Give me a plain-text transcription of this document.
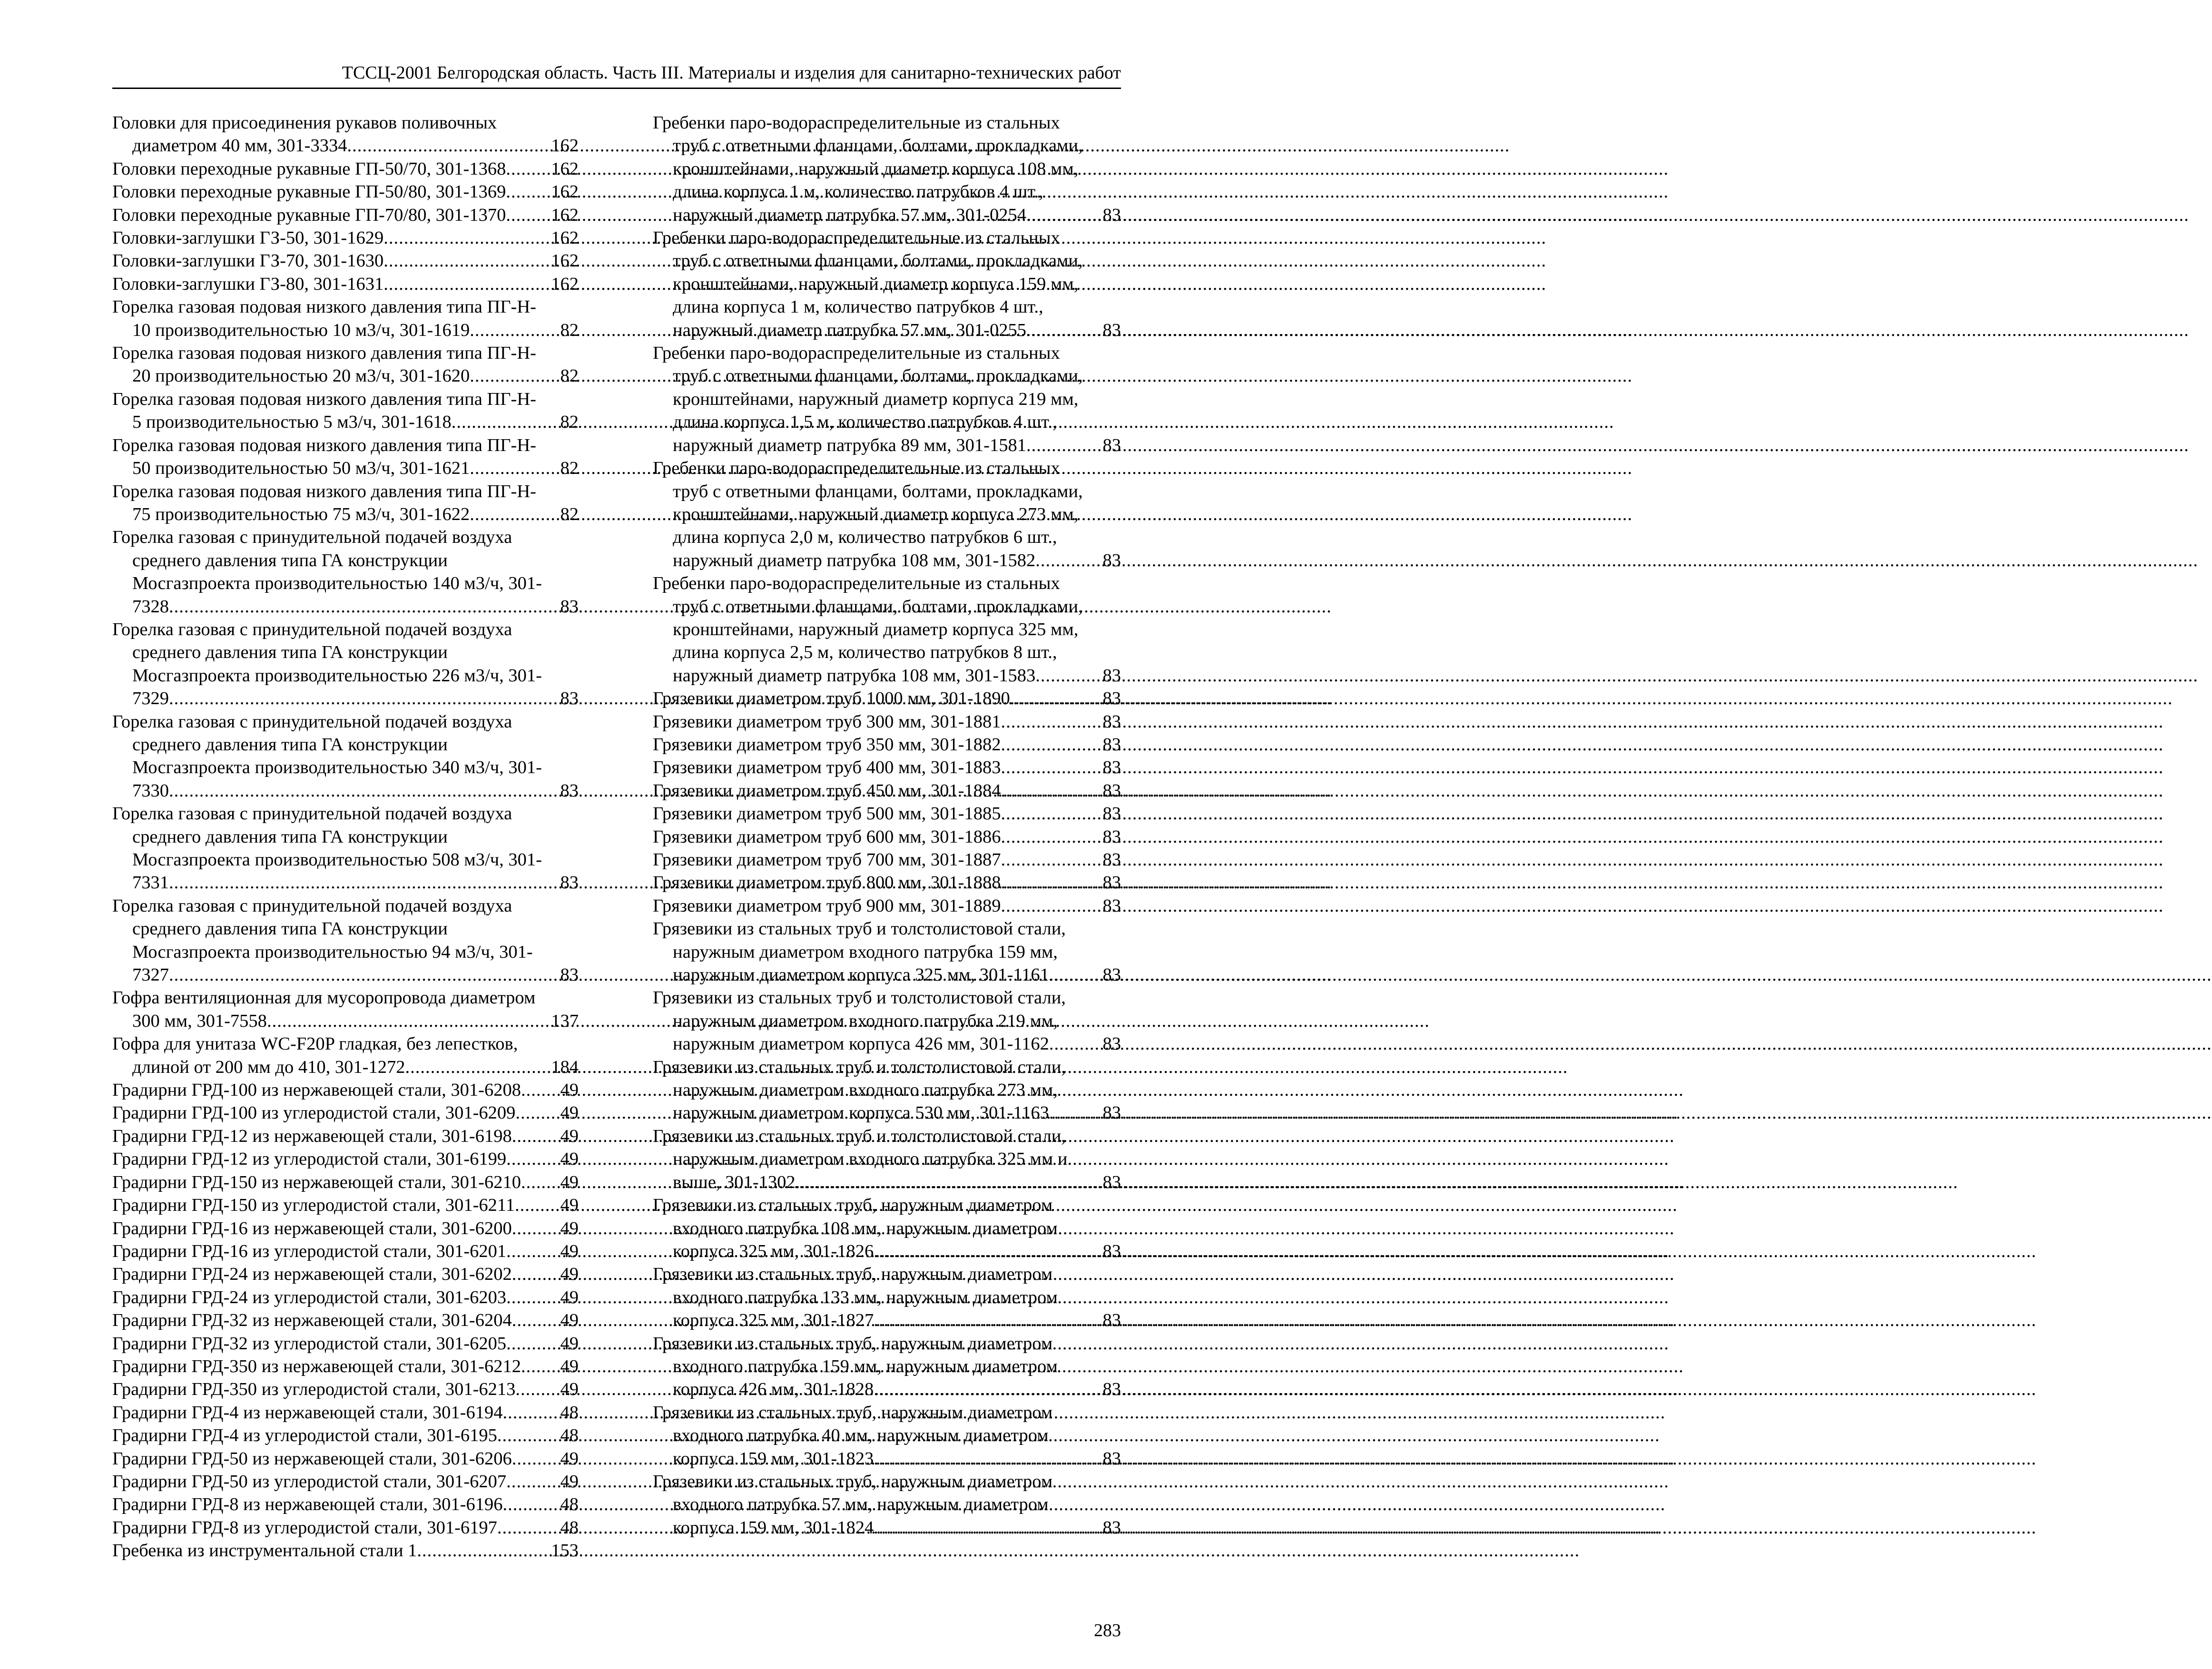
ТССЦ-2001 Белгородская область. Часть III. Материалы и изделия для санитарно-технических работ
Головки для присоединения рукавов поливочных
диаметром 40 мм, 301-3334 .....	162
Головки переходные рукавные ГП-50/70, 301-1368 ..... 162
Головки переходные рукавные ГП-50/80, 301-1369 ..... 162
Головки переходные рукавные ГП-70/80, 301-1370 ..... 162
Головки-заглушки ГЗ-50, 301-1629 .....	162
Головки-заглушки ГЗ-70, 301-1630 .....	162
Головки-заглушки ГЗ-80, 301-1631 .....	162
Горелка газовая подовая низкого давления типа ПГ-Н-
10 производительностью 10 м3/ч, 301-1619 .....	82
Горелка газовая подовая низкого давления типа ПГ-Н-
20 производительностью 20 м3/ч, 301-1620 .....	82
Горелка газовая подовая низкого давления типа ПГ-Н-
5 производительностью 5 м3/ч, 301-1618 .....	82
Горелка газовая подовая низкого давления типа ПГ-Н-
50 производительностью 50 м3/ч, 301-1621 .....	82
Горелка газовая подовая низкого давления типа ПГ-Н-
75 производительностью 75 м3/ч, 301-1622 .....	82
Горелка газовая с принудительной подачей воздуха
среднего давления типа ГА конструкции
Мосгазпроекта производительностью 140 м3/ч, 301-
7328 .....	83
Горелка газовая с принудительной подачей воздуха
среднего давления типа ГА конструкции
Мосгазпроекта производительностью 226 м3/ч, 301-
7329 .....	83
Горелка газовая с принудительной подачей воздуха
среднего давления типа ГА конструкции
Мосгазпроекта производительностью 340 м3/ч, 301-
7330 .....	83
Горелка газовая с принудительной подачей воздуха
среднего давления типа ГА конструкции
Мосгазпроекта производительностью 508 м3/ч, 301-
7331 .....	83
Горелка газовая с принудительной подачей воздуха
среднего давления типа ГА конструкции
Мосгазпроекта производительностью 94 м3/ч, 301-
7327 .....	83
Гофра вентиляционная для мусоропровода диаметром
300 мм, 301-7558 .....	137
Гофра для унитаза WC-F20P гладкая, без лепестков,
длиной от 200 мм до 410, 301-1272 .....	184
Градирни ГРД-100 из нержавеющей стали, 301-6208 ..... 49
Градирни ГРД-100 из углеродистой стали, 301-6209 ..... 49
Градирни ГРД-12 из нержавеющей стали, 301-6198 .....	49
Градирни ГРД-12 из углеродистой стали, 301-6199 .....	49
Градирни ГРД-150 из нержавеющей стали, 301-6210 ..... 49
Градирни ГРД-150 из углеродистой стали, 301-6211 ..... 49
Градирни ГРД-16 из нержавеющей стали, 301-6200 .....	49
Градирни ГРД-16 из углеродистой стали, 301-6201 .....	49
Градирни ГРД-24 из нержавеющей стали, 301-6202 .....	49
Градирни ГРД-24 из углеродистой стали, 301-6203 .....	49
Градирни ГРД-32 из нержавеющей стали, 301-6204 .....	49
Градирни ГРД-32 из углеродистой стали, 301-6205 .....	49
Градирни ГРД-350 из нержавеющей стали, 301-6212 ..... 49
Градирни ГРД-350 из углеродистой стали, 301-6213 ..... 49
Градирни ГРД-4 из нержавеющей стали, 301-6194 .....	48
Градирни ГРД-4 из углеродистой стали, 301-6195 .....	48
Градирни ГРД-50 из нержавеющей стали, 301-6206 .....	49
Градирни ГРД-50 из углеродистой стали, 301-6207 .....	49
Градирни ГРД-8 из нержавеющей стали, 301-6196 .....	48
Градирни ГРД-8 из углеродистой стали, 301-6197 .....	48
Гребенка из инструментальной стали 1 .....	153
Гребенки паро-водораспределительные из стальных
труб с ответными фланцами, болтами, прокладками,
кронштейнами, наружный диаметр корпуса 108 мм,
длина корпуса 1 м, количество патрубков 4 шт.,
наружный диаметр патрубка 57 мм, 301-0254 .....	83
Гребенки паро-водораспределительные из стальных
труб с ответными фланцами, болтами, прокладками,
кронштейнами, наружный диаметр корпуса 159 мм,
длина корпуса 1 м, количество патрубков 4 шт.,
наружный диаметр патрубка 57 мм, 301-0255 .....	83
Гребенки паро-водораспределительные из стальных
труб с ответными фланцами, болтами, прокладками,
кронштейнами, наружный диаметр корпуса 219 мм,
длина корпуса 1,5 м, количество патрубков 4 шт.,
наружный диаметр патрубка 89 мм, 301-1581 .....	83
Гребенки паро-водораспределительные из стальных
труб с ответными фланцами, болтами, прокладками,
кронштейнами, наружный диаметр корпуса 273 мм,
длина корпуса 2,0 м, количество патрубков 6 шт.,
наружный диаметр патрубка 108 мм, 301-1582 .....	83
Гребенки паро-водораспределительные из стальных
труб с ответными фланцами, болтами, прокладками,
кронштейнами, наружный диаметр корпуса 325 мм,
длина корпуса 2,5 м, количество патрубков 8 шт.,
наружный диаметр патрубка 108 мм, 301-1583 .....	83
Грязевики диаметром труб 1000 мм, 301-1890 .....	83
Грязевики диаметром труб 300 мм, 301-1881 .....	83
Грязевики диаметром труб 350 мм, 301-1882 .....	83
Грязевики диаметром труб 400 мм, 301-1883 .....	83
Грязевики диаметром труб 450 мм, 301-1884 .....	83
Грязевики диаметром труб 500 мм, 301-1885 .....	83
Грязевики диаметром труб 600 мм, 301-1886 .....	83
Грязевики диаметром труб 700 мм, 301-1887 .....	83
Грязевики диаметром труб 800 мм, 301-1888 .....	83
Грязевики диаметром труб 900 мм, 301-1889 .....	83
Грязевики из стальных труб и толстолистовой стали,
наружным диаметром входного патрубка 159 мм,
наружным диаметром корпуса 325 мм, 301-1161 .....	83
Грязевики из стальных труб и толстолистовой стали,
наружным диаметром входного патрубка 219 мм,
наружным диаметром корпуса 426 мм, 301-1162 .....	83
Грязевики из стальных труб и толстолистовой стали,
наружным диаметром входного патрубка 273 мм,
наружным диаметром корпуса 530 мм, 301-1163 .....	83
Грязевики из стальных труб и толстолистовой стали,
наружным диаметром входного патрубка 325 мм и
выше, 301-1302 .....	83
Грязевики из стальных труб, наружным диаметром
входного патрубка 108 мм, наружным диаметром
корпуса 325 мм, 301-1826 .....	83
Грязевики из стальных труб, наружным диаметром
входного патрубка 133 мм, наружным диаметром
корпуса 325 мм, 301-1827 .....	83
Грязевики из стальных труб, наружным диаметром
входного патрубка 159 мм, наружным диаметром
корпуса 426 мм, 301-1828 .....	83
Грязевики из стальных труб, наружным диаметром
входного патрубка 40 мм, наружным диаметром
корпуса 159 мм, 301-1823 .....	83
Грязевики из стальных труб, наружным диаметром
входного патрубка 57 мм, наружным диаметром
корпуса 159 мм, 301-1824 .....	83
283
